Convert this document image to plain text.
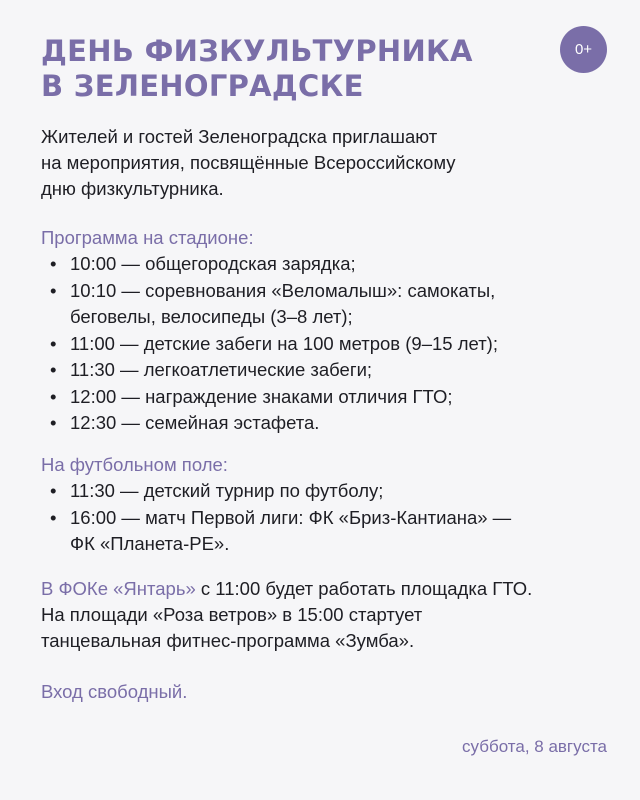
ДЕНЬ ФИЗКУЛЬТУРНИКА
В ЗЕЛЕНОГРАДСКЕ
0+
Жителей и гостей Зеленоградска приглашают
на мероприятия, посвящённые Всероссийскому
дню физкультурника.
Программа на стадионе:
• 10:00 — общегородская зарядка;
• 10:10 — соревнования «Веломалыш»: самокаты,
беговелы, велосипеды (3–8 лет);
• 11:00 — детские забеги на 100 метров (9–15 лет);
• 11:30 — легкоатлетические забеги;
• 12:00 — награждение знаками отличия ГТО;
• 12:30 — семейная эстафета.
На футбольном поле:
• 11:30 — детский турнир по футболу;
• 16:00 — матч Первой лиги: ФК «Бриз-Кантиана» —
ФК «Планета-РЕ».
В ФОКе «Янтарь» с 11:00 будет работать площадка ГТО.
На площади «Роза ветров» в 15:00 стартует
танцевальная фитнес-программа «Зумба».
Вход свободный.
суббота, 8 августа
